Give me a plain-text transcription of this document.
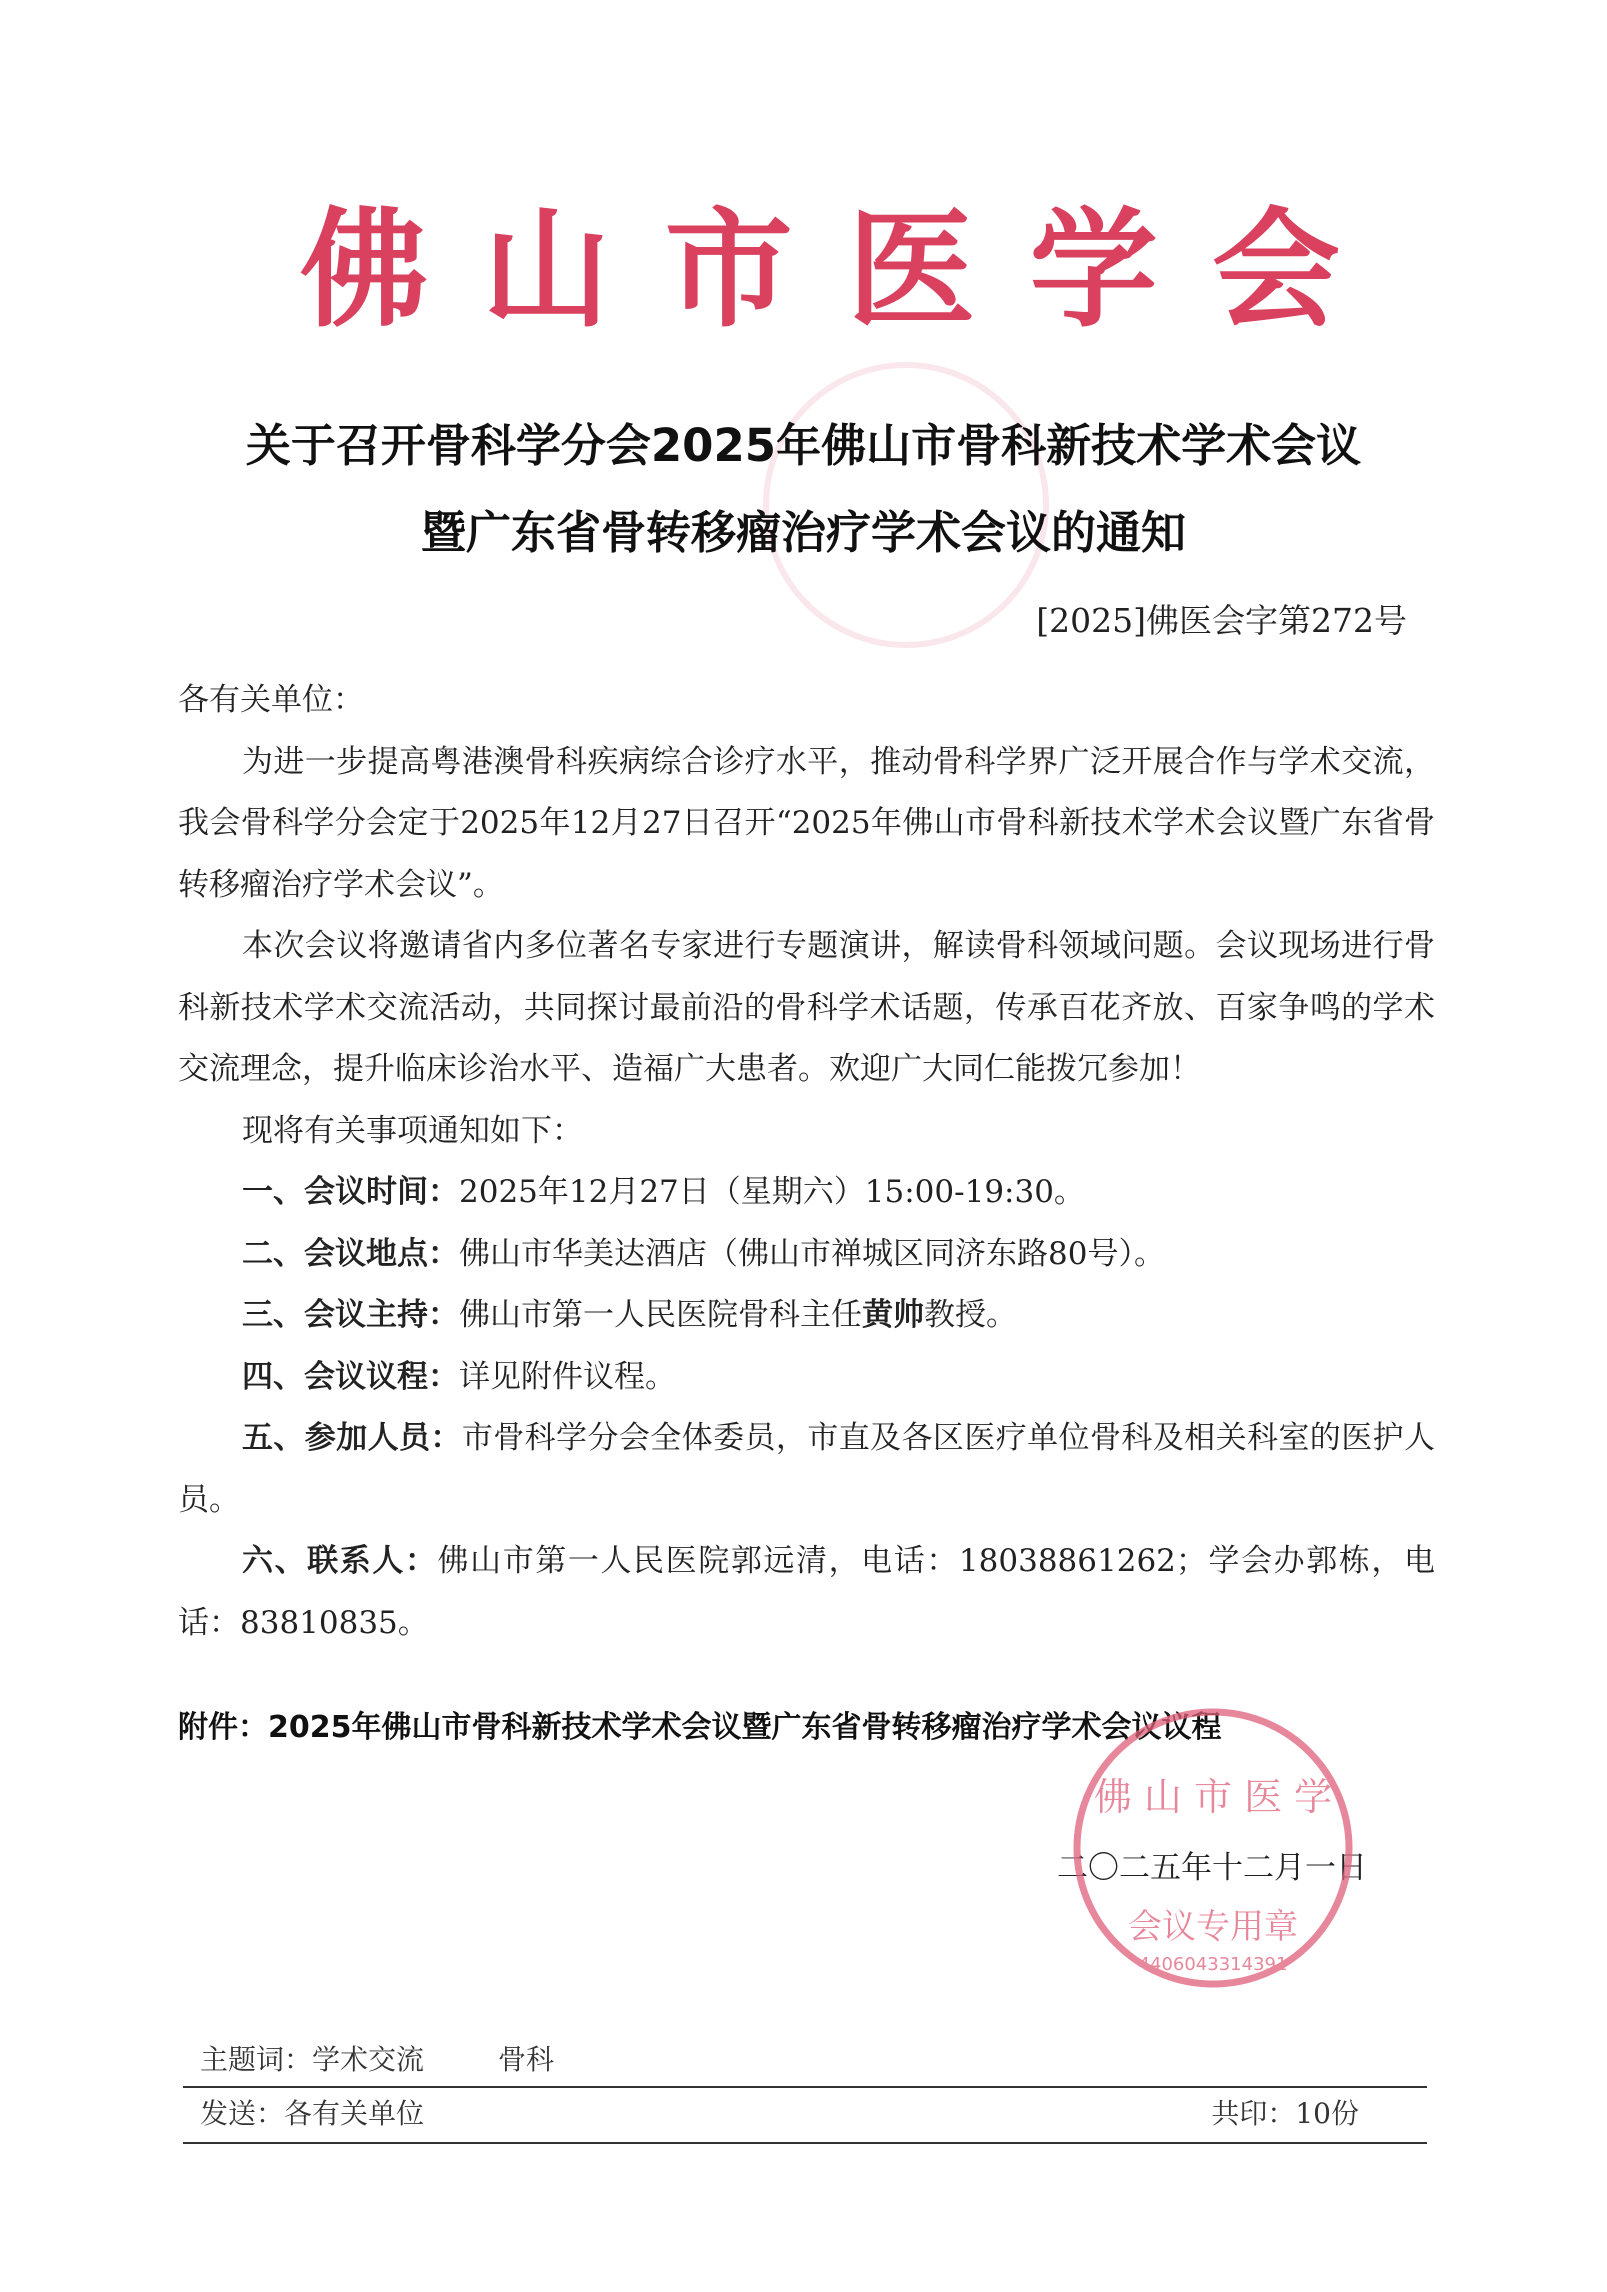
佛 山 市 医 学 会
关于召开骨科学分会2025年佛山市骨科新技术学术会议
暨广东省骨转移瘤治疗学术会议的通知
[2025]佛医会字第272号

各有关单位：

为进一步提高粤港澳骨科疾病综合诊疗水平，推动骨科学界广泛开展合作与学术交流，我会骨科学分会定于2025年12月27日召开“2025年佛山市骨科新技术学术会议暨广东省骨转移瘤治疗学术会议”。

本次会议将邀请省内多位著名专家进行专题演讲，解读骨科领域问题。会议现场进行骨科新技术学术交流活动，共同探讨最前沿的骨科学术话题，传承百花齐放、百家争鸣的学术交流理念，提升临床诊治水平、造福广大患者。欢迎广大同仁能拨冗参加！

现将有关事项通知如下：

一、会议时间：2025年12月27日（星期六）15:00-19:30。

二、会议地点：佛山市华美达酒店（佛山市禅城区同济东路80号）。

三、会议主持：佛山市第一人民医院骨科主任黄帅教授。

四、会议议程：详见附件议程。

五、参加人员：市骨科学分会全体委员，市直及各区医疗单位骨科及相关科室的医护人员。

六、联系人：佛山市第一人民医院郭远清，电话：18038861262；学会办郭栋，电话：83810835。

附件：2025年佛山市骨科新技术学术会议暨广东省骨转移瘤治疗学术会议议程
二〇二五年十二月一日
佛 山 市 医 学
会议专用章
4406043314391
主题词：学术交流	骨科
发送：各有关单位	共印：10份
